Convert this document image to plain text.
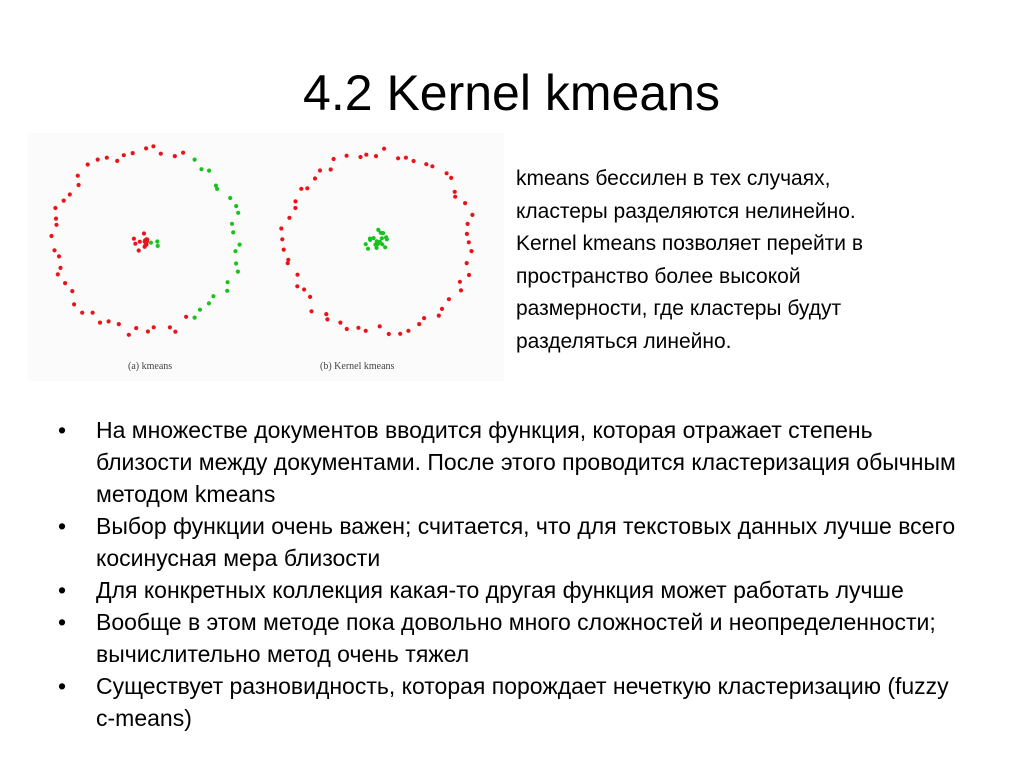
4.2 Kernel kmeans
(a) kmeans	(b) Kernel kmeans
kmeans бессилен в тех случаях,
кластеры разделяются нелинейно.
Kernel kmeans позволяет перейти в
пространство более высокой
размерности, где кластеры будут
разделяться линейно.
• На множестве документов вводится функция, которая отражает степень близости между документами. После этого проводится кластеризация обычным методом kmeans
• Выбор функции очень важен; считается, что для текстовых данных лучше всего косинусная мера близости
• Для конкретных коллекция какая-то другая функция может работать лучше
• Вообще в этом методе пока довольно много сложностей и неопределенности; вычислительно метод очень тяжел
• Существует разновидность, которая порождает нечеткую кластеризацию (fuzzy c-means)
